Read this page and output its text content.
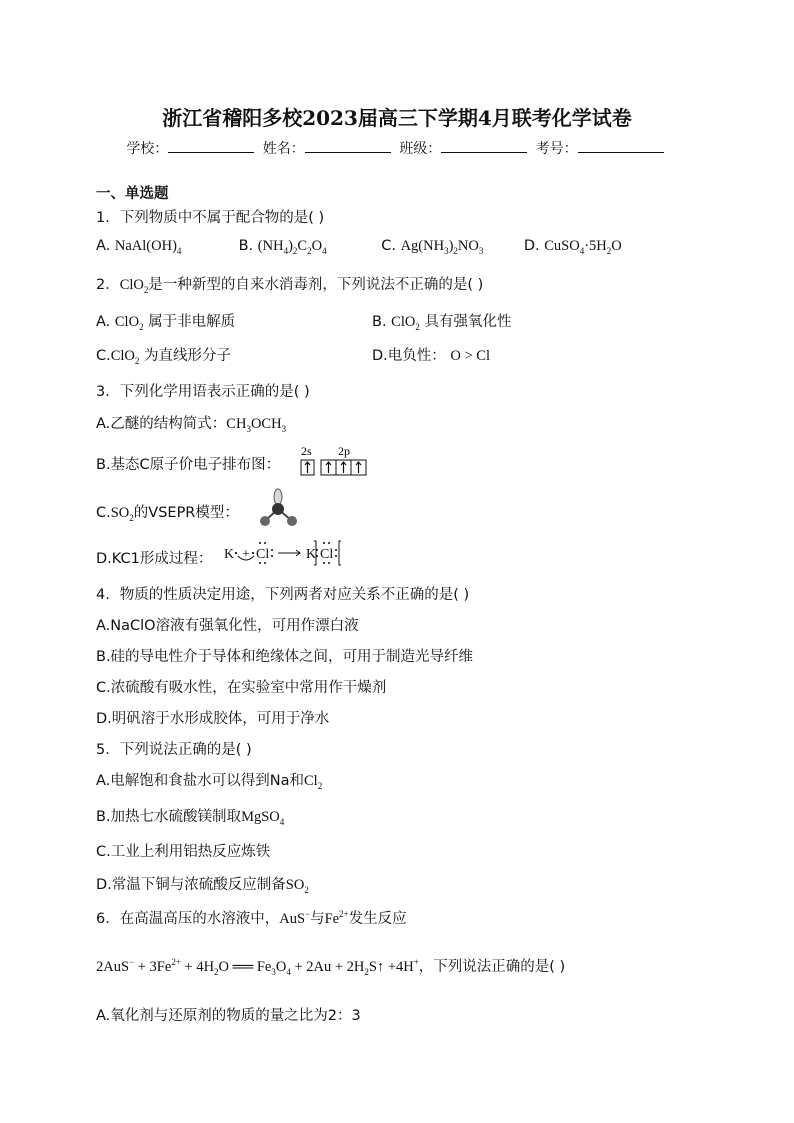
浙江省稽阳多校2023届高三下学期4月联考化学试卷
学校：	姓名：	班级：	考号：
一、单选题
1．下列物质中不属于配合物的是( )
A. $NaAl(OH)_4$	B. $(NH_4)_2C_2O_4$	C. $Ag(NH_3)_2NO_3$	D. $CuSO_4\cdot 5H_2O$
2．ClO$_2$是一种新型的自来水消毒剂，下列说法不正确的是( )
A. ClO$_2$ 属于非电解质	B. ClO$_2$ 具有强氧化性
C.ClO$_2$ 为直线形分子	D.电负性： O > Cl
3．下列化学用语表示正确的是( )
A.乙醚的结构简式：$CH_3OCH_3$
B.基态C原子价电子排布图：
2s 2p
$C.SO_2$的VSEPR模型：
D.KC1形成过程： K + Cl	K Cl
4．物质的性质决定用途，下列两者对应关系不正确的是( )
A.NaClO溶液有强氧化性，可用作漂白液
B.硅的导电性介于导体和绝缘体之间，可用于制造光导纤维
C.浓硫酸有吸水性，在实验室中常用作干燥剂
D.明矾溶于水形成胶体，可用于净水
5．下列说法正确的是( )
A.电解饱和食盐水可以得到Na和$Cl_2$
B.加热七水硫酸镁制取MgSO$_4$
C.工业上利用铝热反应炼铁
D.常温下铜与浓硫酸反应制备$SO_2$
6．在高温高压的水溶液中，AuS−与$Fe^{2+}$发生反应
$2AuS^- + 3Fe^{2+} + 4H_2O$ ══ $Fe_3O_4 + 2Au$ + $2H_2S↑ +4H^+$，下列说法正确的是( )
A.氧化剂与还原剂的物质的量之比为2：3
